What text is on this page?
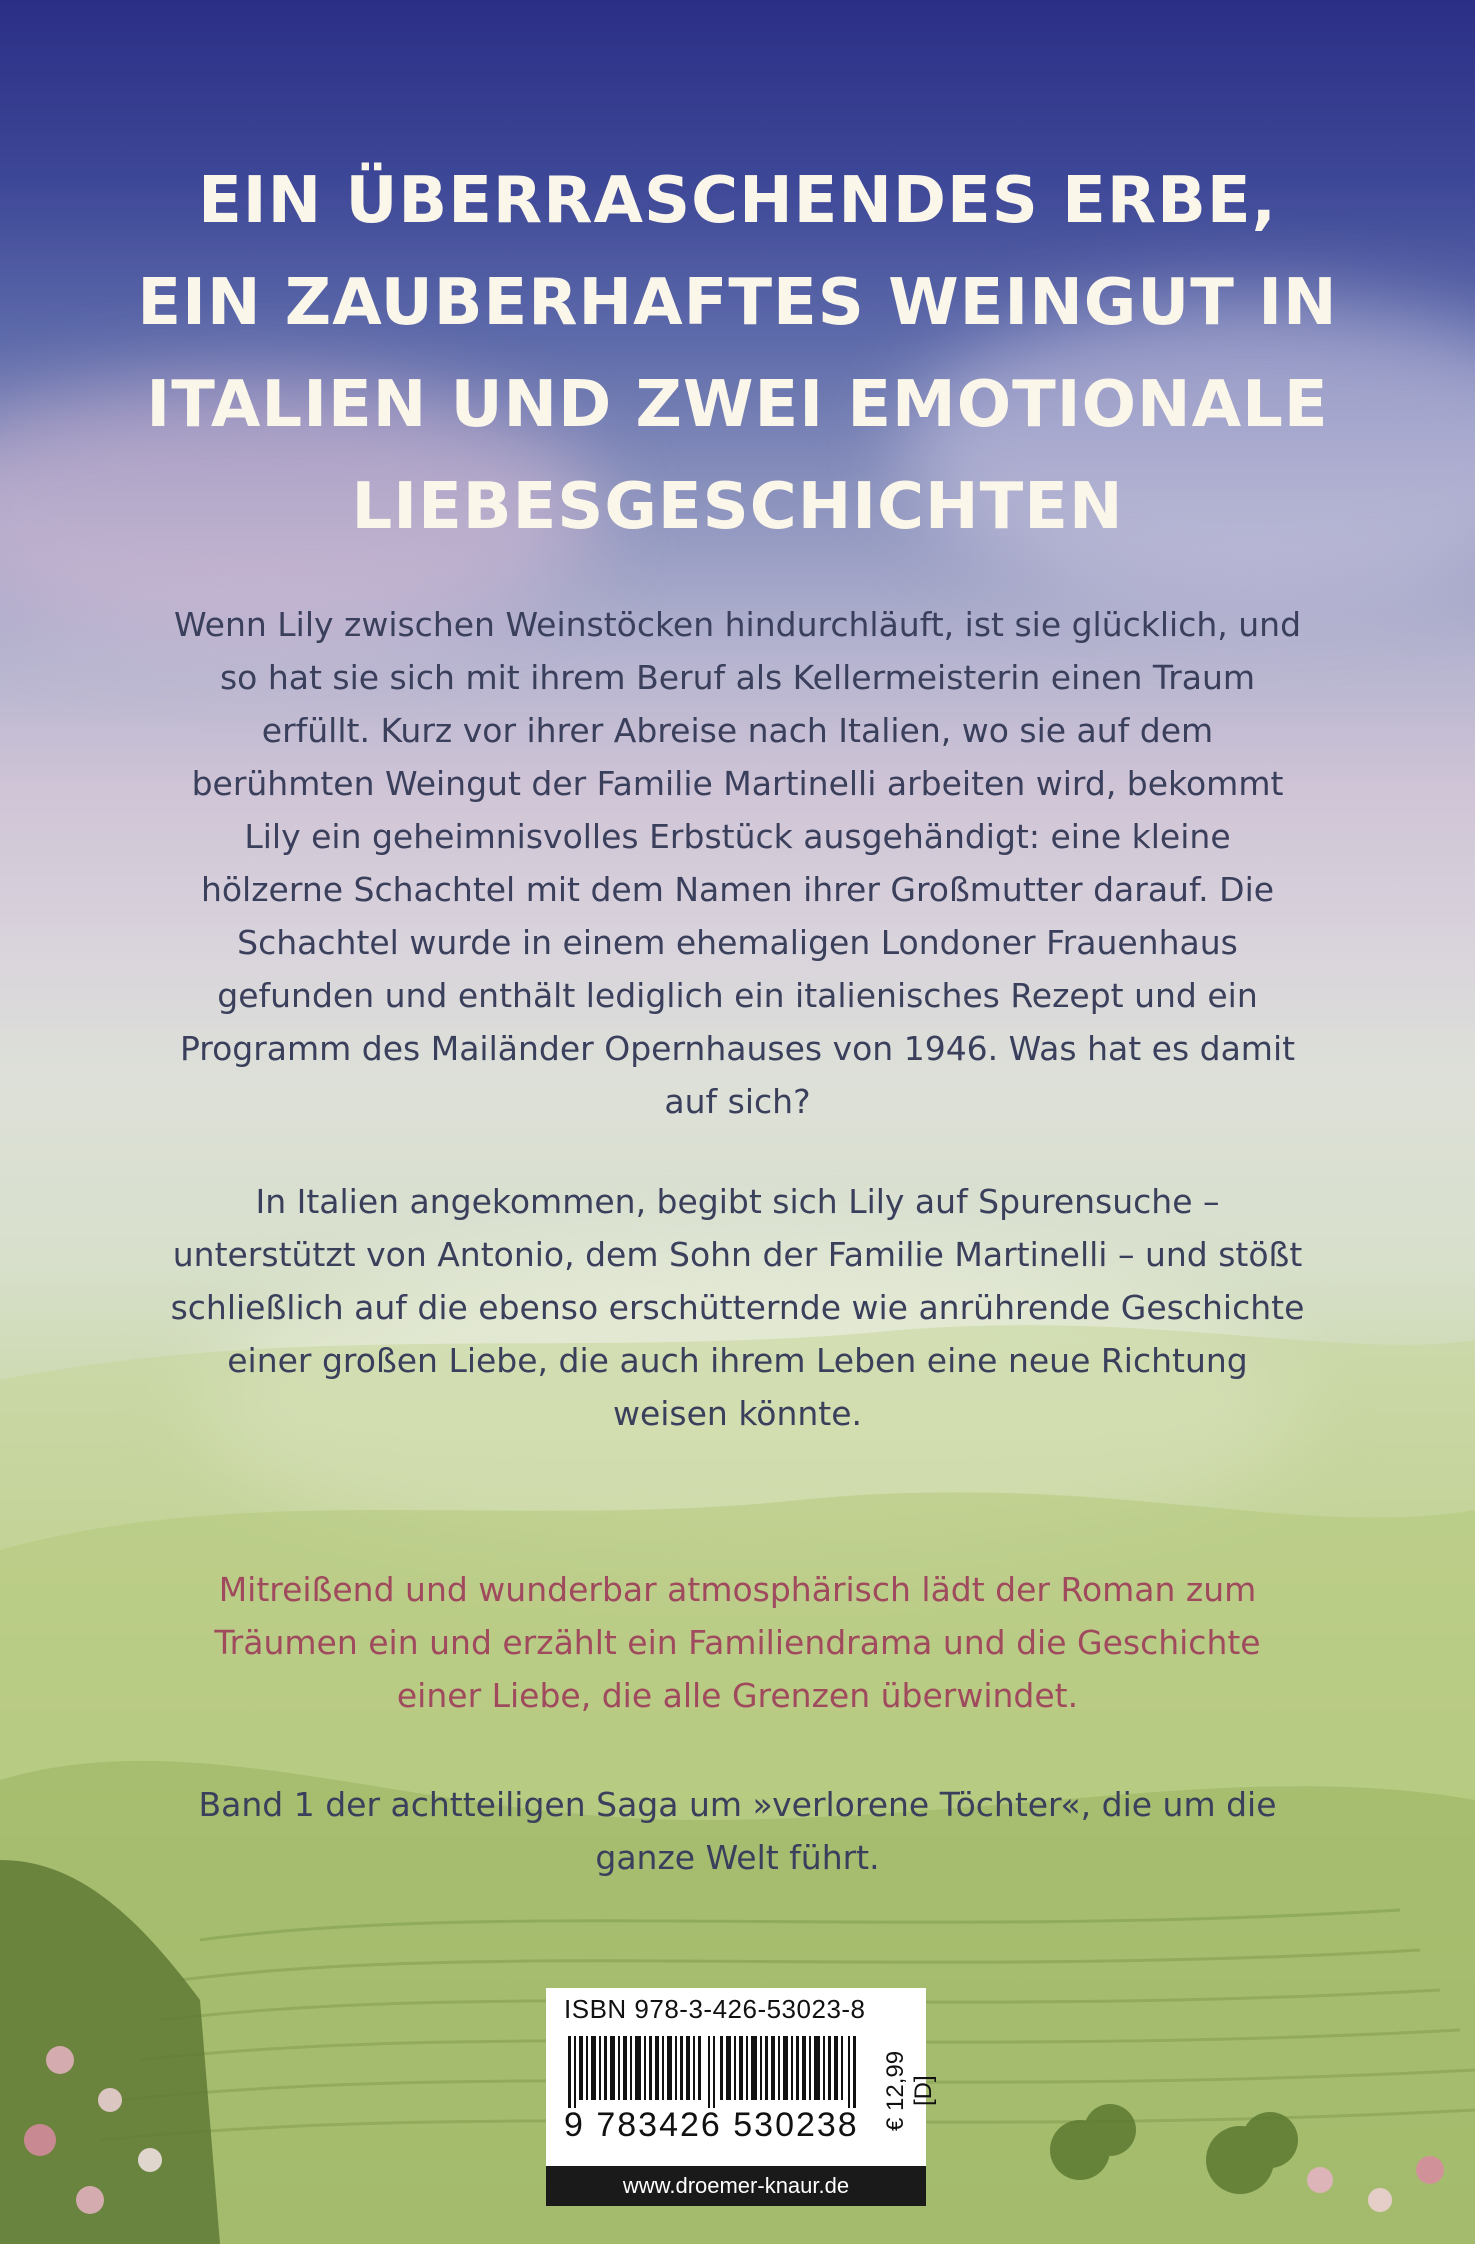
EIN ÜBERRASCHENDES ERBE,
EIN ZAUBERHAFTES WEINGUT IN
ITALIEN UND ZWEI EMOTIONALE
LIEBESGESCHICHTEN

Wenn Lily zwischen Weinstöcken hindurchläuft, ist sie glücklich, und so hat sie sich mit ihrem Beruf als Kellermeisterin einen Traum erfüllt. Kurz vor ihrer Abreise nach Italien, wo sie auf dem berühmten Weingut der Familie Martinelli arbeiten wird, bekommt Lily ein geheimnisvolles Erbstück ausgehändigt: eine kleine hölzerne Schachtel mit dem Namen ihrer Großmutter darauf. Die Schachtel wurde in einem ehemaligen Londoner Frauenhaus gefunden und enthält lediglich ein italienisches Rezept und ein Programm des Mailänder Opernhauses von 1946. Was hat es damit auf sich?

In Italien angekommen, begibt sich Lily auf Spurensuche – unterstützt von Antonio, dem Sohn der Familie Martinelli – und stößt schließlich auf die ebenso erschütternde wie anrührende Geschichte einer großen Liebe, die auch ihrem Leben eine neue Richtung weisen könnte.

Mitreißend und wunderbar atmosphärisch lädt der Roman zum Träumen ein und erzählt ein Familiendrama und die Geschichte einer Liebe, die alle Grenzen überwindet.

Band 1 der achtteiligen Saga um »verlorene Töchter«, die um die ganze Welt führt.

ISBN 978-3-426-53023-8
9 783426 530238 € 12,99 [D]
www.droemer-knaur.de
